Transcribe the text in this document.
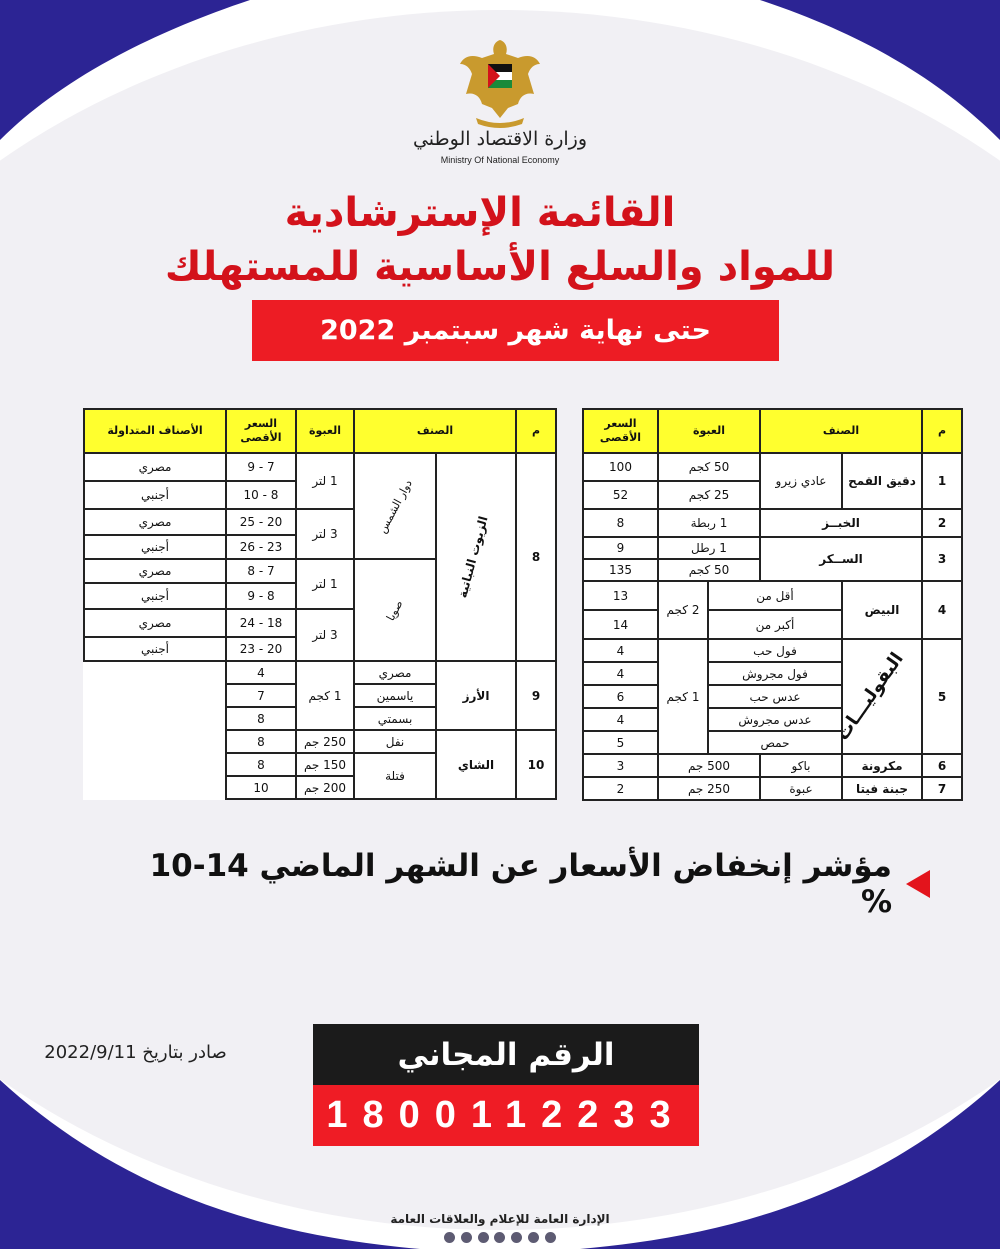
وزارة الاقتصاد الوطني
Ministry Of National Economy
القائمة الإسترشادية
للمواد والسلع الأساسية للمستهلك
حتى نهاية شهر سبتمبر 2022
م	الصنف		العبوة		السعر
الأقصى
1	دقيق القمح	عادي زيرو	50 كجم		100
			25 كجم		52
2	الخبــز		1 ربطة		8
3	الســكر		1 رطل		9
			50 كجم		135
4	البيض	أقل من		2 كجم	13
		أكبر من			14
5	البقوليـــات	فول حب		1 كجم	4
		فول مجروش			4
		عدس حب			6
		عدس مجروش			4
		حمص			5
6	مكرونة	باكو	500 جم		3
7	جبنة فيتا	عبوة	250 جم		2
م	الصنف		العبوة	السعر
الأقصى	الأصناف المتداولة
8	الزيوت النباتية	دوار الشمس	1 لتر	7 - 9	مصري
				8 - 10	أجنبي
			3 لتر	20 - 25	مصري
				23 - 26	أجنبي
		صويا	1 لتر	7 - 8	مصري
				8 - 9	أجنبي
			3 لتر	18 - 24	مصري
				20 - 23	أجنبي
9	الأرز	مصري	1 كجم	4	
		ياسمين		7	
		بسمتي		8	
10	الشاي	نفل	250 جم	8	
		فتلة	150 جم	8	
			200 جم	10	
مؤشر إنخفاض الأسعار عن الشهر الماضي 14-10 %
صادر بتاريخ 2022/9/11	الرقم المجاني
1800112233
الإدارة العامة للإعلام والعلاقات العامة
